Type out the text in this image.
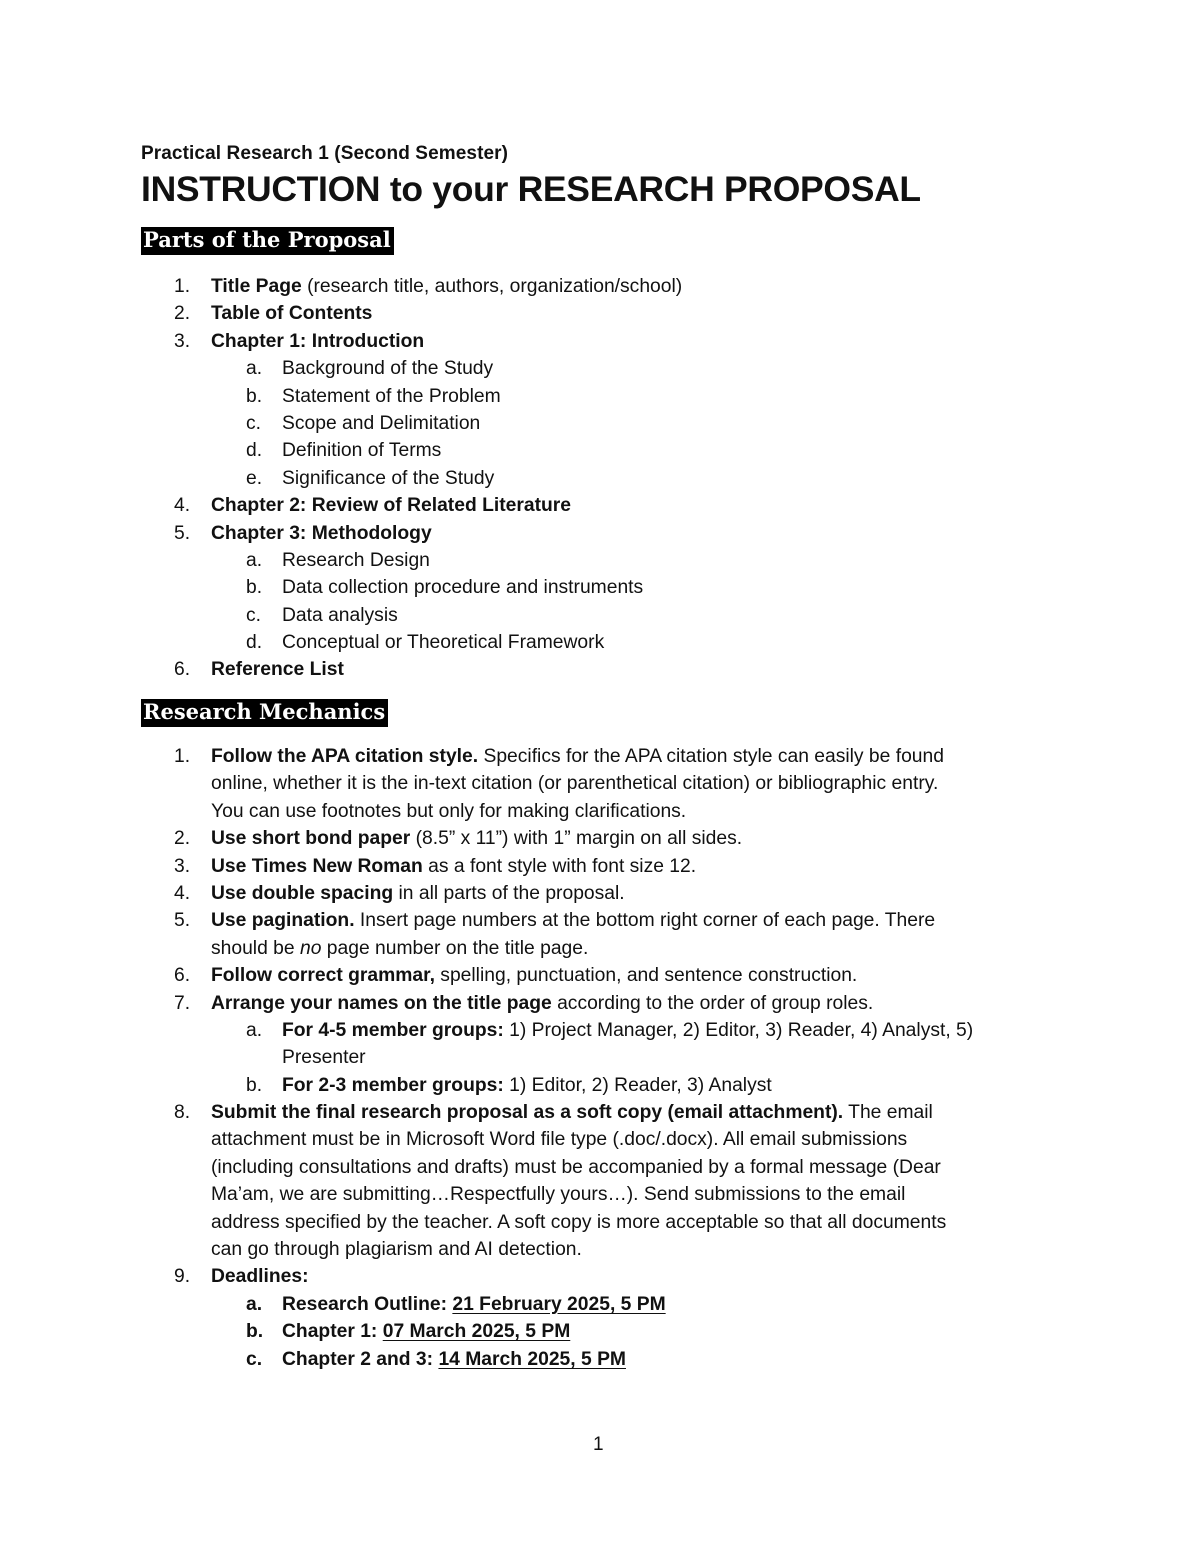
Practical Research 1 (Second Semester)
INSTRUCTION to your RESEARCH PROPOSAL
Parts of the Proposal
1. Title Page (research title, authors, organization/school)
2. Table of Contents
3. Chapter 1: Introduction
a. Background of the Study
b. Statement of the Problem
c. Scope and Delimitation
d. Definition of Terms
e. Significance of the Study
4. Chapter 2: Review of Related Literature
5. Chapter 3: Methodology
a. Research Design
b. Data collection procedure and instruments
c. Data analysis
d. Conceptual or Theoretical Framework
6. Reference List
Research Mechanics
1. Follow the APA citation style. Specifics for the APA citation style can easily be found
online, whether it is the in-text citation (or parenthetical citation) or bibliographic entry.
You can use footnotes but only for making clarifications.
2. Use short bond paper (8.5” x 11”) with 1” margin on all sides.
3. Use Times New Roman as a font style with font size 12.
4. Use double spacing in all parts of the proposal.
5. Use pagination. Insert page numbers at the bottom right corner of each page. There
should be no page number on the title page.
6. Follow correct grammar, spelling, punctuation, and sentence construction.
7. Arrange your names on the title page according to the order of group roles.
a. For 4-5 member groups: 1) Project Manager, 2) Editor, 3) Reader, 4) Analyst, 5)
Presenter
b. For 2-3 member groups: 1) Editor, 2) Reader, 3) Analyst
8. Submit the final research proposal as a soft copy (email attachment). The email
attachment must be in Microsoft Word file type (.doc/.docx). All email submissions
(including consultations and drafts) must be accompanied by a formal message (Dear
Ma’am, we are submitting…Respectfully yours…). Send submissions to the email
address specified by the teacher. A soft copy is more acceptable so that all documents
can go through plagiarism and AI detection.
9. Deadlines:
a. Research Outline: 21 February 2025, 5 PM
b. Chapter 1: 07 March 2025, 5 PM
c. Chapter 2 and 3: 14 March 2025, 5 PM
1
